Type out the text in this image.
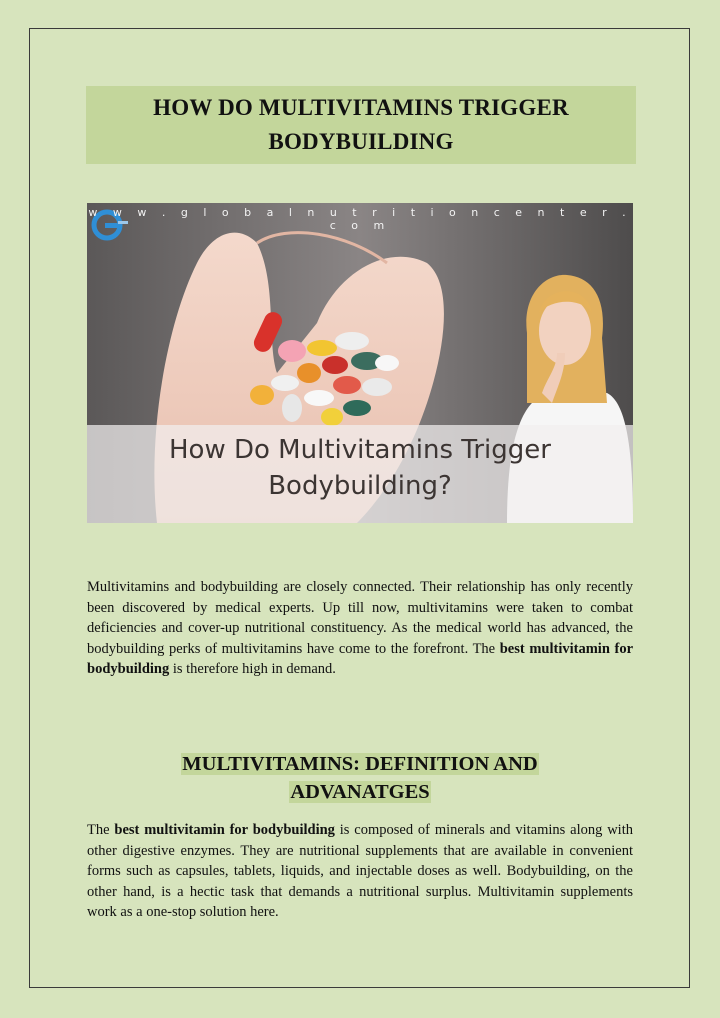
HOW DO MULTIVITAMINS TRIGGER BODYBUILDING
w w w . g l o b a l n u t r i t i o n c e n t e r . c o m
How Do Multivitamins Trigger
Bodybuilding?

Multivitamins and bodybuilding are closely connected. Their relationship has only recently been discovered by medical experts. Up till now, multivitamins were taken to combat deficiencies and cover-up nutritional constituency. As the medical world has advanced, the bodybuilding perks of multivitamins have come to the forefront. The best multivitamin for bodybuilding is therefore high in demand.

MULTIVITAMINS: DEFINITION AND
ADVANATGES

The best multivitamin for bodybuilding is composed of minerals and vitamins along with other digestive enzymes. They are nutritional supplements that are available in convenient forms such as capsules, tablets, liquids, and injectable doses as well. Bodybuilding, on the other hand, is a hectic task that demands a nutritional surplus. Multivitamin supplements work as a one-stop solution here.
